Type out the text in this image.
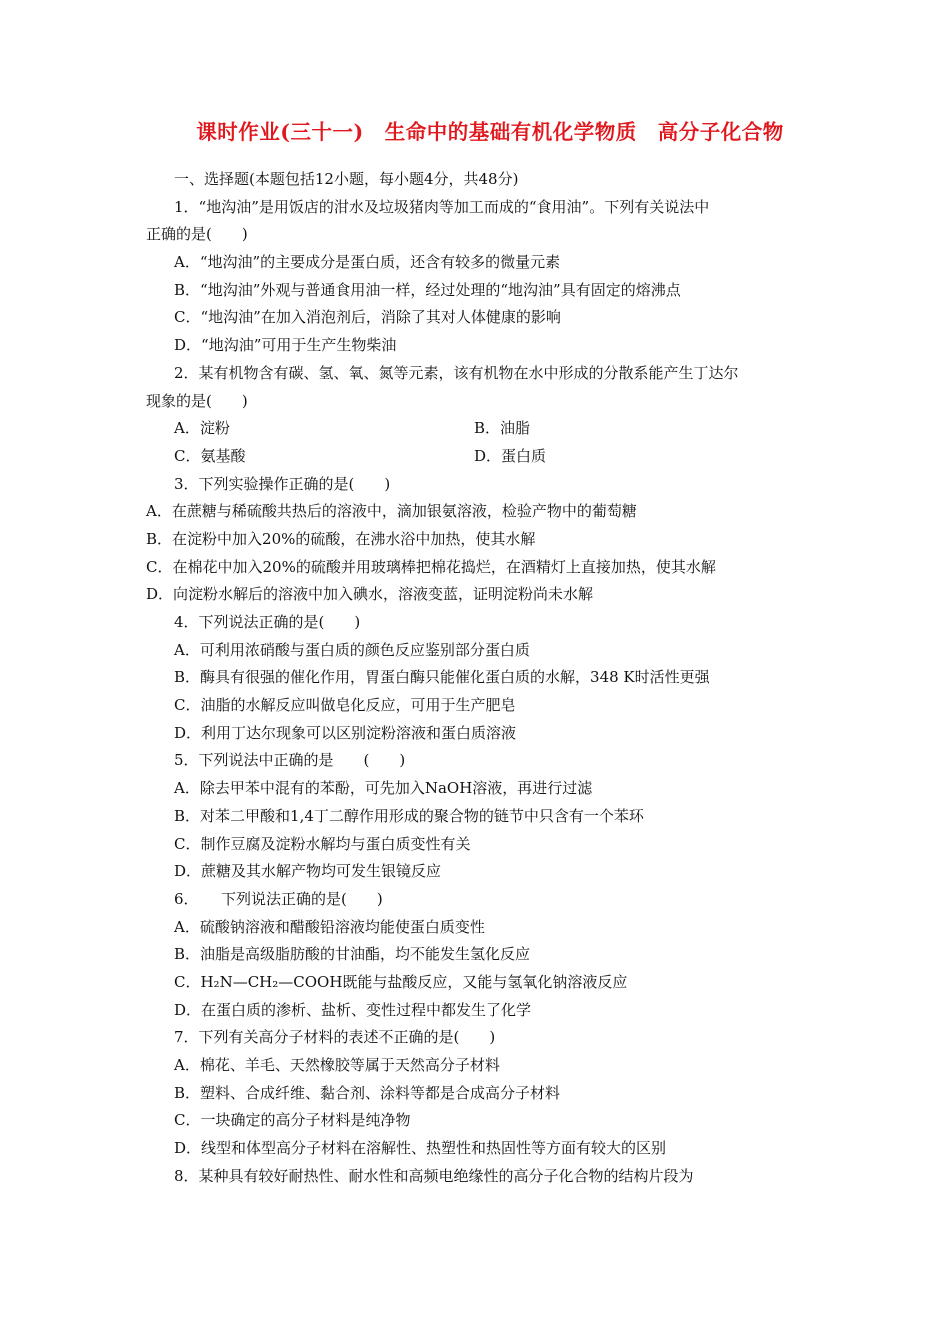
课时作业(三十一)　生命中的基础有机化学物质　高分子化合物
一、选择题(本题包括12小题，每小题4分，共48分)
1．“地沟油”是用饭店的泔水及垃圾猪肉等加工而成的“食用油”。下列有关说法中
正确的是(　　)
A．“地沟油”的主要成分是蛋白质，还含有较多的微量元素
B．“地沟油”外观与普通食用油一样，经过处理的“地沟油”具有固定的熔沸点
C．“地沟油”在加入消泡剂后，消除了其对人体健康的影响
D．“地沟油”可用于生产生物柴油
2．某有机物含有碳、氢、氧、氮等元素，该有机物在水中形成的分散系能产生丁达尔
现象的是(　　)
A．淀粉	B．油脂
C．氨基酸	D．蛋白质
3．下列实验操作正确的是(　　)
A．在蔗糖与稀硫酸共热后的溶液中，滴加银氨溶液，检验产物中的葡萄糖
B．在淀粉中加入20%的硫酸，在沸水浴中加热，使其水解
C．在棉花中加入20%的硫酸并用玻璃棒把棉花捣烂，在酒精灯上直接加热，使其水解
D．向淀粉水解后的溶液中加入碘水，溶液变蓝，证明淀粉尚未水解
4．下列说法正确的是(　　)
A．可利用浓硝酸与蛋白质的颜色反应鉴别部分蛋白质
B．酶具有很强的催化作用，胃蛋白酶只能催化蛋白质的水解，348 K时活性更强
C．油脂的水解反应叫做皂化反应，可用于生产肥皂
D．利用丁达尔现象可以区别淀粉溶液和蛋白质溶液
5．下列说法中正确的是　　(　　)
A．除去甲苯中混有的苯酚，可先加入NaOH溶液，再进行过滤
B．对苯二甲酸和1,4丁二醇作用形成的聚合物的链节中只含有一个苯环
C．制作豆腐及淀粉水解均与蛋白质变性有关
D．蔗糖及其水解产物均可发生银镜反应
6．　　下列说法正确的是(　　)
A．硫酸钠溶液和醋酸铅溶液均能使蛋白质变性
B．油脂是高级脂肪酸的甘油酯，均不能发生氢化反应
C．H₂N—CH₂—COOH既能与盐酸反应，又能与氢氧化钠溶液反应
D．在蛋白质的渗析、盐析、变性过程中都发生了化学
7．下列有关高分子材料的表述不正确的是(　　)
A．棉花、羊毛、天然橡胶等属于天然高分子材料
B．塑料、合成纤维、黏合剂、涂料等都是合成高分子材料
C．一块确定的高分子材料是纯净物
D．线型和体型高分子材料在溶解性、热塑性和热固性等方面有较大的区别
8．某种具有较好耐热性、耐水性和高频电绝缘性的高分子化合物的结构片段为
